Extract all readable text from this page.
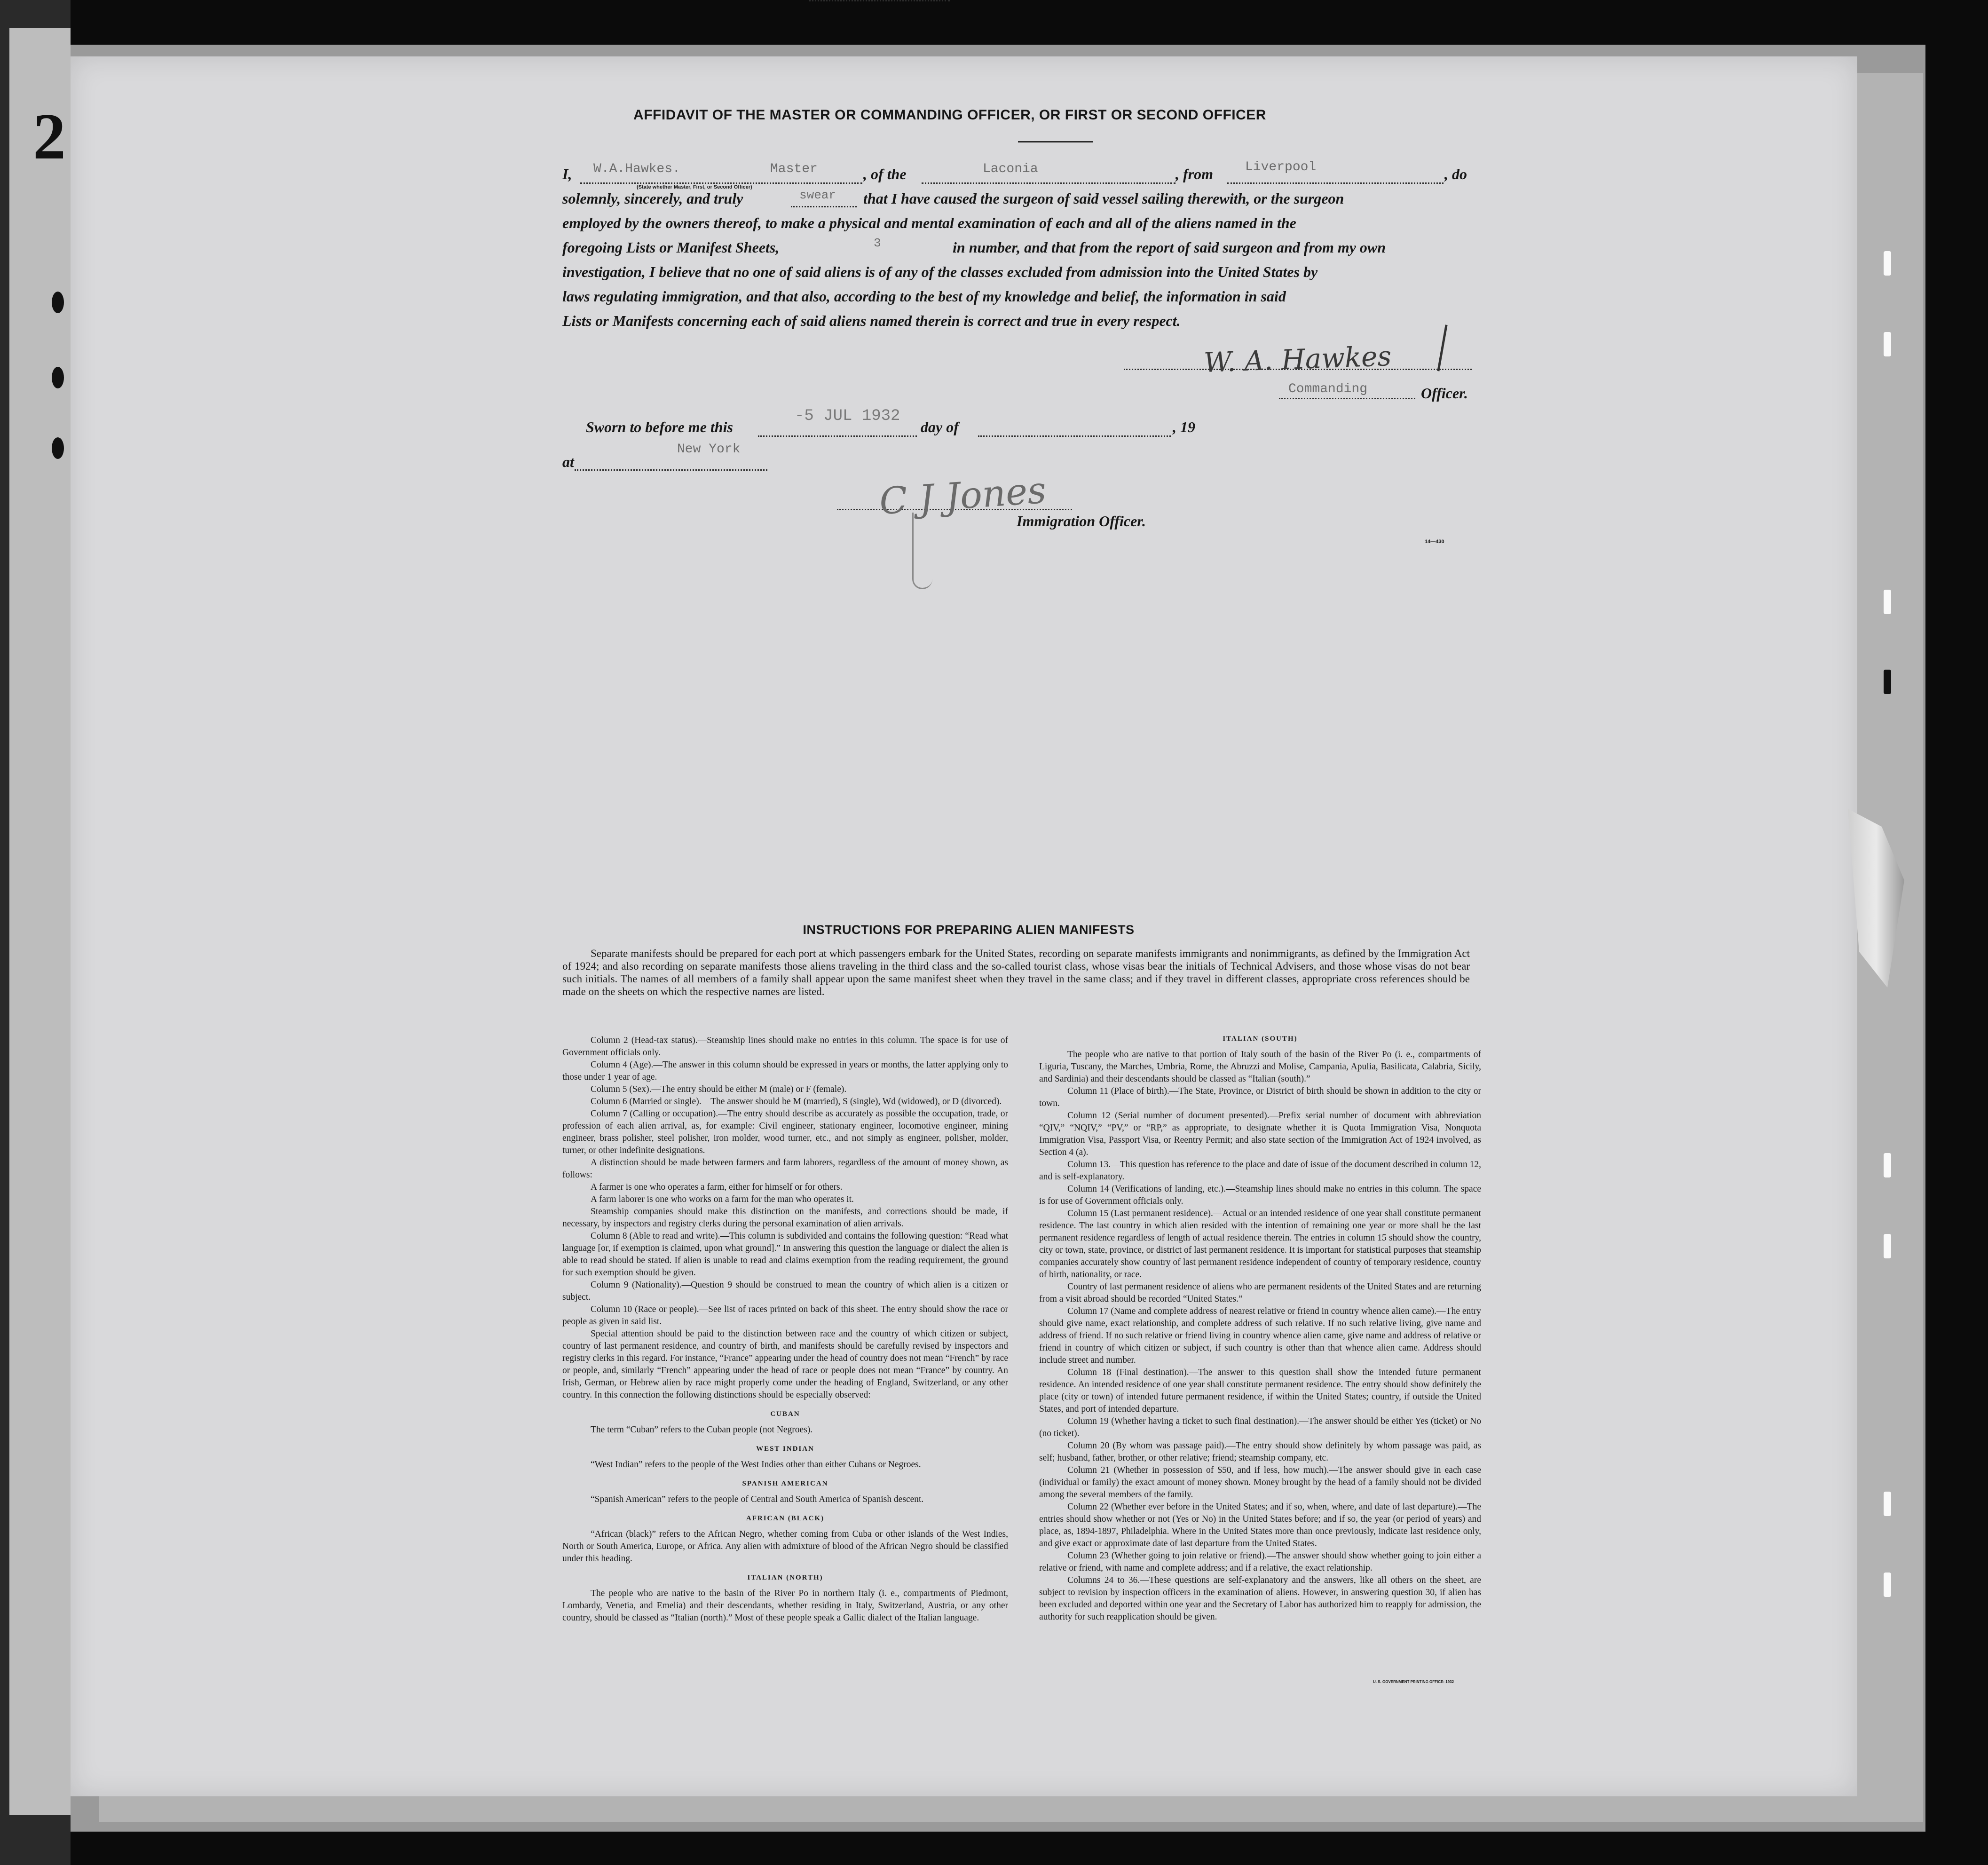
2	AFFIDAVIT OF THE MASTER OR COMMANDING OFFICER, OR FIRST OR SECOND OFFICER
I, W.A.Hawkes.	Master
(State whether Master, First, or Second Officer)
, of the	Laconia	, from Liverpool	, do
solemnly, sincerely, and truly	swear that I have caused the surgeon of said vessel sailing therewith, or the surgeon
employed by the owners thereof, to make a physical and mental examination of each and all of the aliens named in the
foregoing Lists or Manifest Sheets,	3	in number, and that from the report of said surgeon and from my own
investigation, I believe that no one of said aliens is of any of the classes excluded from admission into the United States by
laws regulating immigration, and that also, according to the best of my knowledge and belief, the information in said
Lists or Manifests concerning each of said aliens named therein is correct and true in every respect.
W. A. Hawkes
Commanding	Officer.
Sworn to before me this
-5 JUL 1932
day of	, 19
at
New York
C J Jones
Immigration Officer.
14—430
INSTRUCTIONS FOR PREPARING ALIEN MANIFESTS

Separate manifests should be prepared for each port at which passengers embark for the United States, recording on separate manifests immigrants and nonimmigrants, as defined by the Immigration Act of 1924; and also recording on separate manifests those aliens traveling in the third class and the so-called tourist class, whose visas bear the initials of Technical Advisers, and those whose visas do not bear such initials. The names of all members of a family shall appear upon the same manifest sheet when they travel in the same class; and if they travel in different classes, appropriate cross references should be made on the sheets on which the respective names are listed.

Column 2 (Head-tax status).—Steamship lines should make no entries in this column. The space is for use of Government officials only.

Column 4 (Age).—The answer in this column should be expressed in years or months, the latter applying only to those under 1 year of age.

Column 5 (Sex).—The entry should be either M (male) or F (female).

Column 6 (Married or single).—The answer should be M (married), S (single), Wd (widowed), or D (divorced).

Column 7 (Calling or occupation).—The entry should describe as accurately as possible the occupation, trade, or profession of each alien arrival, as, for example: Civil engineer, stationary engineer, locomotive engineer, mining engineer, brass polisher, steel polisher, iron molder, wood turner, etc., and not simply as engineer, polisher, molder, turner, or other indefinite designations.

A distinction should be made between farmers and farm laborers, regardless of the amount of money shown, as follows:

A farmer is one who operates a farm, either for himself or for others.

A farm laborer is one who works on a farm for the man who operates it.

Steamship companies should make this distinction on the manifests, and corrections should be made, if necessary, by inspectors and registry clerks during the personal examination of alien arrivals.

Column 8 (Able to read and write).—This column is subdivided and contains the following question: “Read what language [or, if exemption is claimed, upon what ground].” In answering this question the language or dialect the alien is able to read should be stated. If alien is unable to read and claims exemption from the reading requirement, the ground for such exemption should be given.

Column 9 (Nationality).—Question 9 should be construed to mean the country of which alien is a citizen or subject.

Column 10 (Race or people).—See list of races printed on back of this sheet. The entry should show the race or people as given in said list.

Special attention should be paid to the distinction between race and the country of which citizen or subject, country of last permanent residence, and country of birth, and manifests should be carefully revised by inspectors and registry clerks in this regard. For instance, “France” appearing under the head of country does not mean “French” by race or people, and, similarly “French” appearing under the head of race or people does not mean “France” by country. An Irish, German, or Hebrew alien by race might properly come under the heading of England, Switzerland, or any other country. In this connection the following distinctions should be especially observed:

CUBAN

The term “Cuban” refers to the Cuban people (not Negroes).

WEST INDIAN

“West Indian” refers to the people of the West Indies other than either Cubans or Negroes.

SPANISH AMERICAN

“Spanish American” refers to the people of Central and South America of Spanish descent.

AFRICAN (BLACK)

“African (black)” refers to the African Negro, whether coming from Cuba or other islands of the West Indies, North or South America, Europe, or Africa. Any alien with admixture of blood of the African Negro should be classified under this heading.

ITALIAN (NORTH)

The people who are native to the basin of the River Po in northern Italy (i. e., compartments of Piedmont, Lombardy, Venetia, and Emelia) and their descendants, whether residing in Italy, Switzerland, Austria, or any other country, should be classed as “Italian (north).” Most of these people speak a Gallic dialect of the Italian language.

ITALIAN (SOUTH)

The people who are native to that portion of Italy south of the basin of the River Po (i. e., compartments of Liguria, Tuscany, the Marches, Umbria, Rome, the Abruzzi and Molise, Campania, Apulia, Basilicata, Calabria, Sicily, and Sardinia) and their descendants should be classed as “Italian (south).”

Column 11 (Place of birth).—The State, Province, or District of birth should be shown in addition to the city or town.

Column 12 (Serial number of document presented).—Prefix serial number of document with abbreviation “QIV,” “NQIV,” “PV,” or “RP,” as appropriate, to designate whether it is Quota Immigration Visa, Nonquota Immigration Visa, Passport Visa, or Reentry Permit; and also state section of the Immigration Act of 1924 involved, as Section 4 (a).

Column 13.—This question has reference to the place and date of issue of the document described in column 12, and is self-explanatory.

Column 14 (Verifications of landing, etc.).—Steamship lines should make no entries in this column. The space is for use of Government officials only.

Column 15 (Last permanent residence).—Actual or an intended residence of one year shall constitute permanent residence. The last country in which alien resided with the intention of remaining one year or more shall be the last permanent residence regardless of length of actual residence therein. The entries in column 15 should show the country, city or town, state, province, or district of last permanent residence. It is important for statistical purposes that steamship companies accurately show country of last permanent residence independent of country of temporary residence, country of birth, nationality, or race.

Country of last permanent residence of aliens who are permanent residents of the United States and are returning from a visit abroad should be recorded “United States.”

Column 17 (Name and complete address of nearest relative or friend in country whence alien came).—The entry should give name, exact relationship, and complete address of such relative. If no such relative living, give name and address of friend. If no such relative or friend living in country whence alien came, give name and address of relative or friend in country of which citizen or subject, if such country is other than that whence alien came. Address should include street and number.

Column 18 (Final destination).—The answer to this question shall show the intended future permanent residence. An intended residence of one year shall constitute permanent residence. The entry should show definitely the place (city or town) of intended future permanent residence, if within the United States; country, if outside the United States, and port of intended departure.

Column 19 (Whether having a ticket to such final destination).—The answer should be either Yes (ticket) or No (no ticket).

Column 20 (By whom was passage paid).—The entry should show definitely by whom passage was paid, as self; husband, father, brother, or other relative; friend; steamship company, etc.

Column 21 (Whether in possession of $50, and if less, how much).—The answer should give in each case (individual or family) the exact amount of money shown. Money brought by the head of a family should not be divided among the several members of the family.

Column 22 (Whether ever before in the United States; and if so, when, where, and date of last departure).—The entries should show whether or not (Yes or No) in the United States before; and if so, the year (or period of years) and place, as, 1894-1897, Philadelphia. Where in the United States more than once previously, indicate last residence only, and give exact or approximate date of last departure from the United States.

Column 23 (Whether going to join relative or friend).—The answer should show whether going to join either a relative or friend, with name and complete address; and if a relative, the exact relationship.

Columns 24 to 36.—These questions are self-explanatory and the answers, like all others on the sheet, are subject to revision by inspection officers in the examination of aliens. However, in answering question 30, if alien has been excluded and deported within one year and the Secretary of Labor has authorized him to reapply for admission, the authority for such reapplication should be given.

U. S. GOVERNMENT PRINTING OFFICE: 1932
